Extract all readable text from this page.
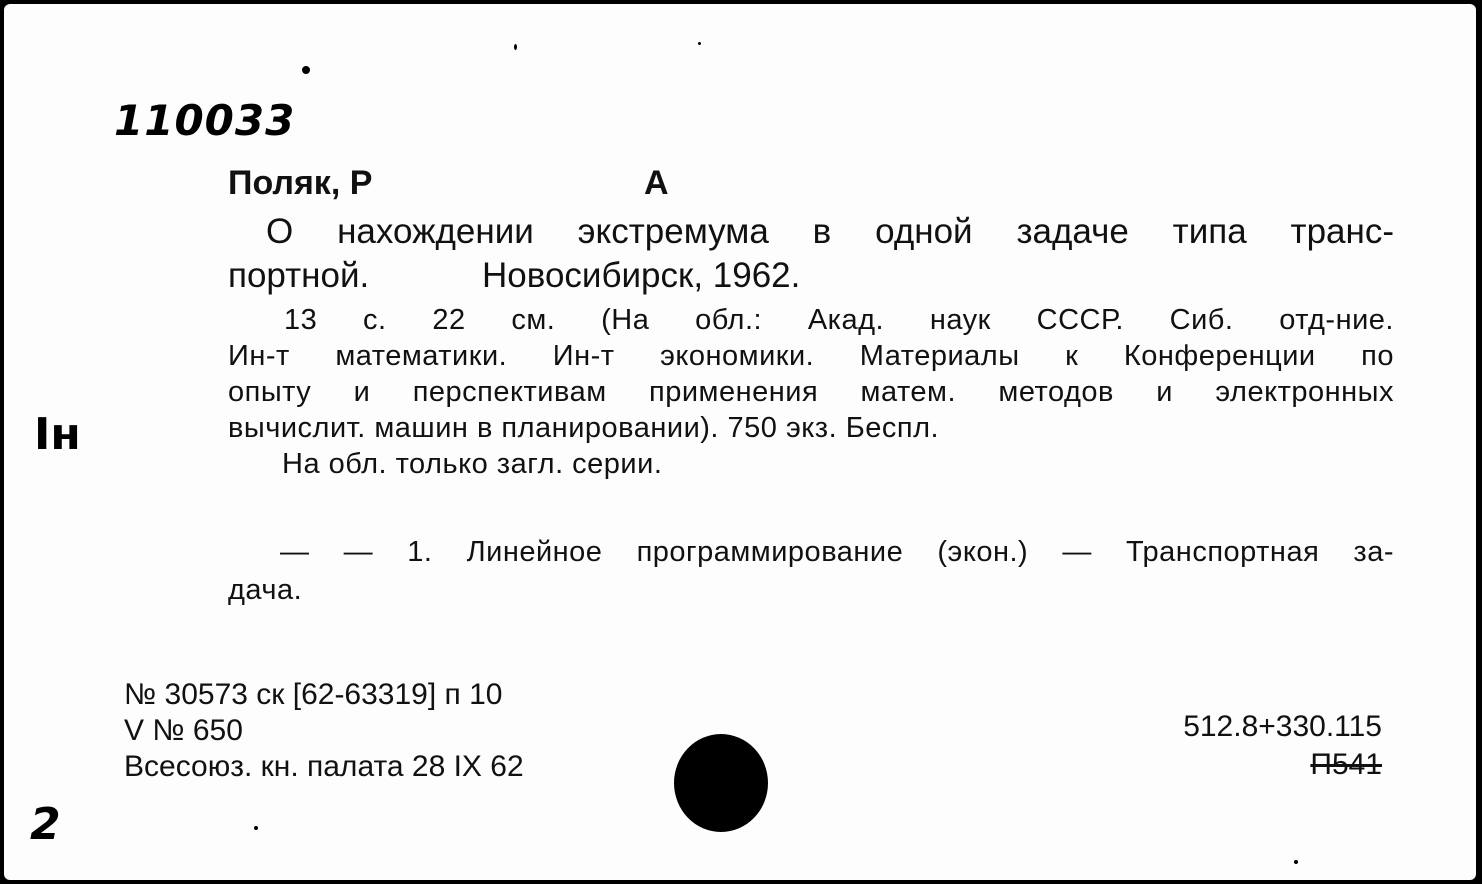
110033
Ін
2
Поляк, Р	А
О нахождении экстремума в одной задаче типа транс-
портной.	Новосибирск, 1962.
13 с. 22 см. (На обл.: Акад. наук СССР. Сиб. отд-ние.
Ин-т математики. Ин-т экономики. Материалы к Конференции по
опыту и перспективам применения матем. методов и электронных
вычислит. машин в планировании). 750 экз. Беспл.
На обл. только загл. серии.
— — 1. Линейное программирование (экон.) — Транспортная за-
дача.
№ 30573 ск [62-63319] п 10
V № 650
Всесоюз. кн. палата 28 IX 62
512.8+330.115
П541
